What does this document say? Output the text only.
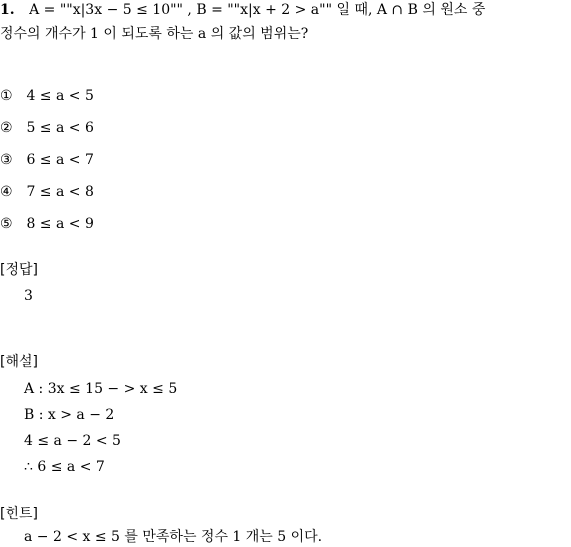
1. A = ""x|3x − 5 ≤ 10"" , B = ""x|x + 2 > a"" 일 때, A ∩ B 의 원소 중
정수의 개수가 1 이 되도록 하는 a 의 값의 범위는?
① 4 ≤ a < 5
② 5 ≤ a < 6
③ 6 ≤ a < 7
④ 7 ≤ a < 8
⑤ 8 ≤ a < 9
[정답]
3
[해설]
A : 3x ≤ 15 − > x ≤ 5
B : x > a − 2
4 ≤ a − 2 < 5
∴ 6 ≤ a < 7
[힌트]
a − 2 < x ≤ 5 를 만족하는 정수 1 개는 5 이다.
